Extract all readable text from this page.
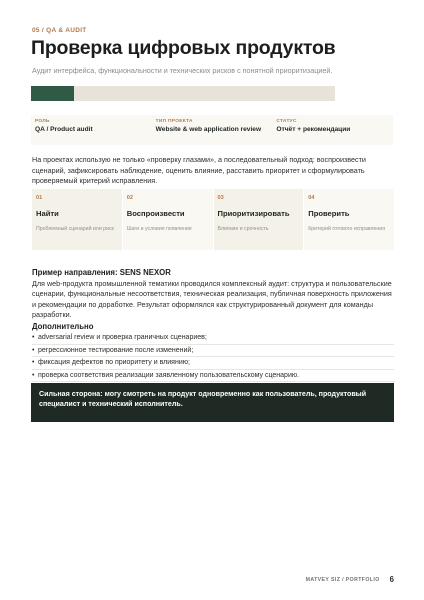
05 / QA & AUDIT
Проверка цифровых продуктов
Аудит интерфейса, функциональности и технических рисков с понятной приоритизацией.
РОЛЬ
QA / Product audit
ТИП ПРОЕКТА
Website & web application review
СТАТУС
Отчёт + рекомендации

На проектах использую не только «проверку глазами», а последовательный подход: воспроизвести сценарий, зафиксировать наблюдение, оценить влияние, расставить приоритет и сформулировать проверяемый критерий исправления.

01
Найти
Проблемный сценарий или риск
02
Воспроизвести
Шаги и условия появления
03
Приоритизировать
Влияние и срочность
04
Проверить
Критерий готового исправления
Пример направления: SENS NEXOR

Для web-продукта промышленной тематики проводился комплексный аудит: структура и пользовательские сценарии, функциональные несоответствия, техническая реализация, публичная поверхность приложения и рекомендации по доработке. Результат оформлялся как структурированный документ для команды разработки.

Дополнительно
• adversarial review и проверка граничных сценариев;
• регрессионное тестирование после изменений;
• фиксация дефектов по приоритету и влиянию;
• проверка соответствия реализации заявленному пользовательскому сценарию.

Сильная сторона: могу смотреть на продукт одновременно как пользователь, продуктовый специалист и технический исполнитель.

MATVEY SIZ / PORTFOLIO 6
